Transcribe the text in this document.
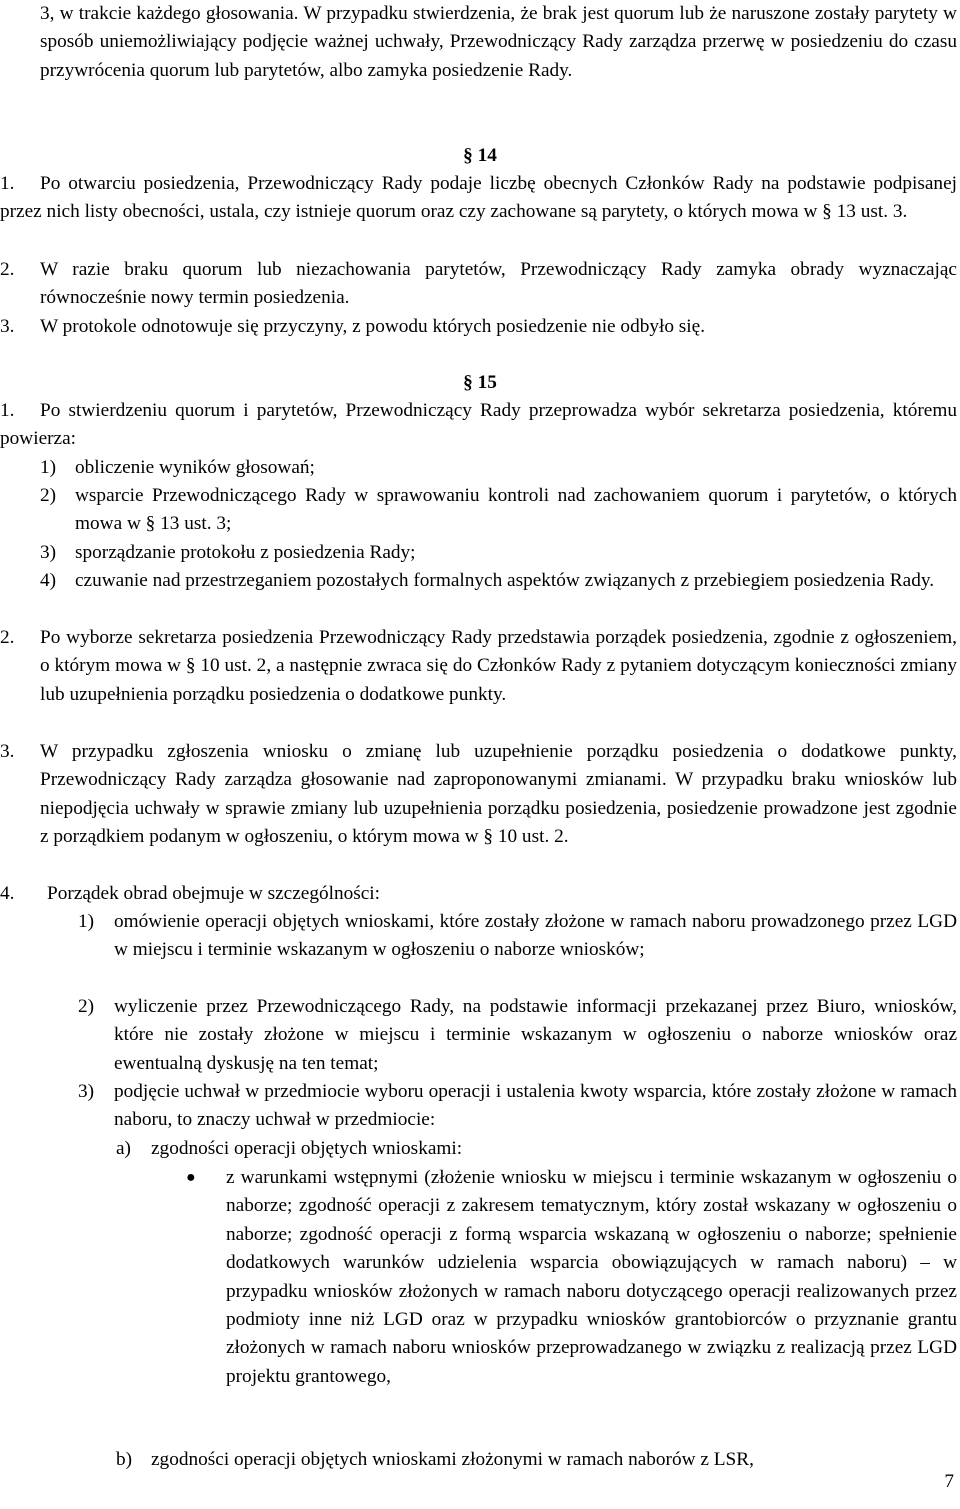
3, w trakcie każdego głosowania. W przypadku stwierdzenia, że brak jest quorum lub że naruszone zostały parytety w sposób uniemożliwiający podjęcie ważnej uchwały, Przewodniczący Rady zarządza przerwę w posiedzeniu do czasu przywrócenia quorum lub parytetów, albo zamyka posiedzenie Rady.

§ 14

1.	Po otwarciu posiedzenia, Przewodniczący Rady podaje liczbę obecnych Członków Rady na podstawie podpisanej przez nich listy obecności, ustala, czy istnieje quorum oraz czy zachowane są parytety, o których mowa w § 13 ust. 3.

2.	W razie braku quorum lub niezachowania parytetów, Przewodniczący Rady zamyka obrady wyznaczając równocześnie nowy termin posiedzenia.

3.	W protokole odnotowuje się przyczyny, z powodu których posiedzenie nie odbyło się.

§ 15

1.	Po stwierdzeniu quorum i parytetów, Przewodniczący Rady przeprowadza wybór sekretarza posiedzenia, któremu powierza:

1) obliczenie wyników głosowań;

2) wsparcie Przewodniczącego Rady w sprawowaniu kontroli nad zachowaniem quorum i parytetów, o których mowa w § 13 ust. 3;

3) sporządzanie protokołu z posiedzenia Rady;

4) czuwanie nad przestrzeganiem pozostałych formalnych aspektów związanych z przebiegiem posiedzenia Rady.

2.	Po wyborze sekretarza posiedzenia Przewodniczący Rady przedstawia porządek posiedzenia, zgodnie z ogłoszeniem, o którym mowa w § 10 ust. 2, a następnie zwraca się do Członków Rady z pytaniem dotyczącym konieczności zmiany lub uzupełnienia porządku posiedzenia o dodatkowe punkty.

3.	W przypadku zgłoszenia wniosku o zmianę lub uzupełnienie porządku posiedzenia o dodatkowe punkty, Przewodniczący Rady zarządza głosowanie nad zaproponowanymi zmianami. W przypadku braku wniosków lub niepodjęcia uchwały w sprawie zmiany lub uzupełnienia porządku posiedzenia, posiedzenie prowadzone jest zgodnie z porządkiem podanym w ogłoszeniu, o którym mowa w § 10 ust. 2.

4.	Porządek obrad obejmuje w szczególności:

1)	omówienie operacji objętych wnioskami, które zostały złożone w ramach naboru prowadzonego przez LGD w miejscu i terminie wskazanym w ogłoszeniu o naborze wniosków;

2)	wyliczenie przez Przewodniczącego Rady, na podstawie informacji przekazanej przez Biuro, wniosków, które nie zostały złożone w miejscu i terminie wskazanym w ogłoszeniu o naborze wniosków oraz ewentualną dyskusję na ten temat;

3)	podjęcie uchwał w przedmiocie wyboru operacji i ustalenia kwoty wsparcia, które zostały złożone w ramach naboru, to znaczy uchwał w przedmiocie:

a)	zgodności operacji objętych wnioskami:

● z warunkami wstępnymi (złożenie wniosku w miejscu i terminie wskazanym w ogłoszeniu o naborze; zgodność operacji z zakresem tematycznym, który został wskazany w ogłoszeniu o naborze; zgodność operacji z formą wsparcia wskazaną w ogłoszeniu o naborze; spełnienie dodatkowych warunków udzielenia wsparcia obowiązujących w ramach naboru) – w przypadku wniosków złożonych w ramach naboru dotyczącego operacji realizowanych przez podmioty inne niż LGD oraz w przypadku wniosków grantobiorców o przyznanie grantu złożonych w ramach naboru wniosków przeprowadzanego w związku z realizacją przez LGD projektu grantowego,

b) zgodności operacji objętych wnioskami złożonymi w ramach naborów z LSR,

7
